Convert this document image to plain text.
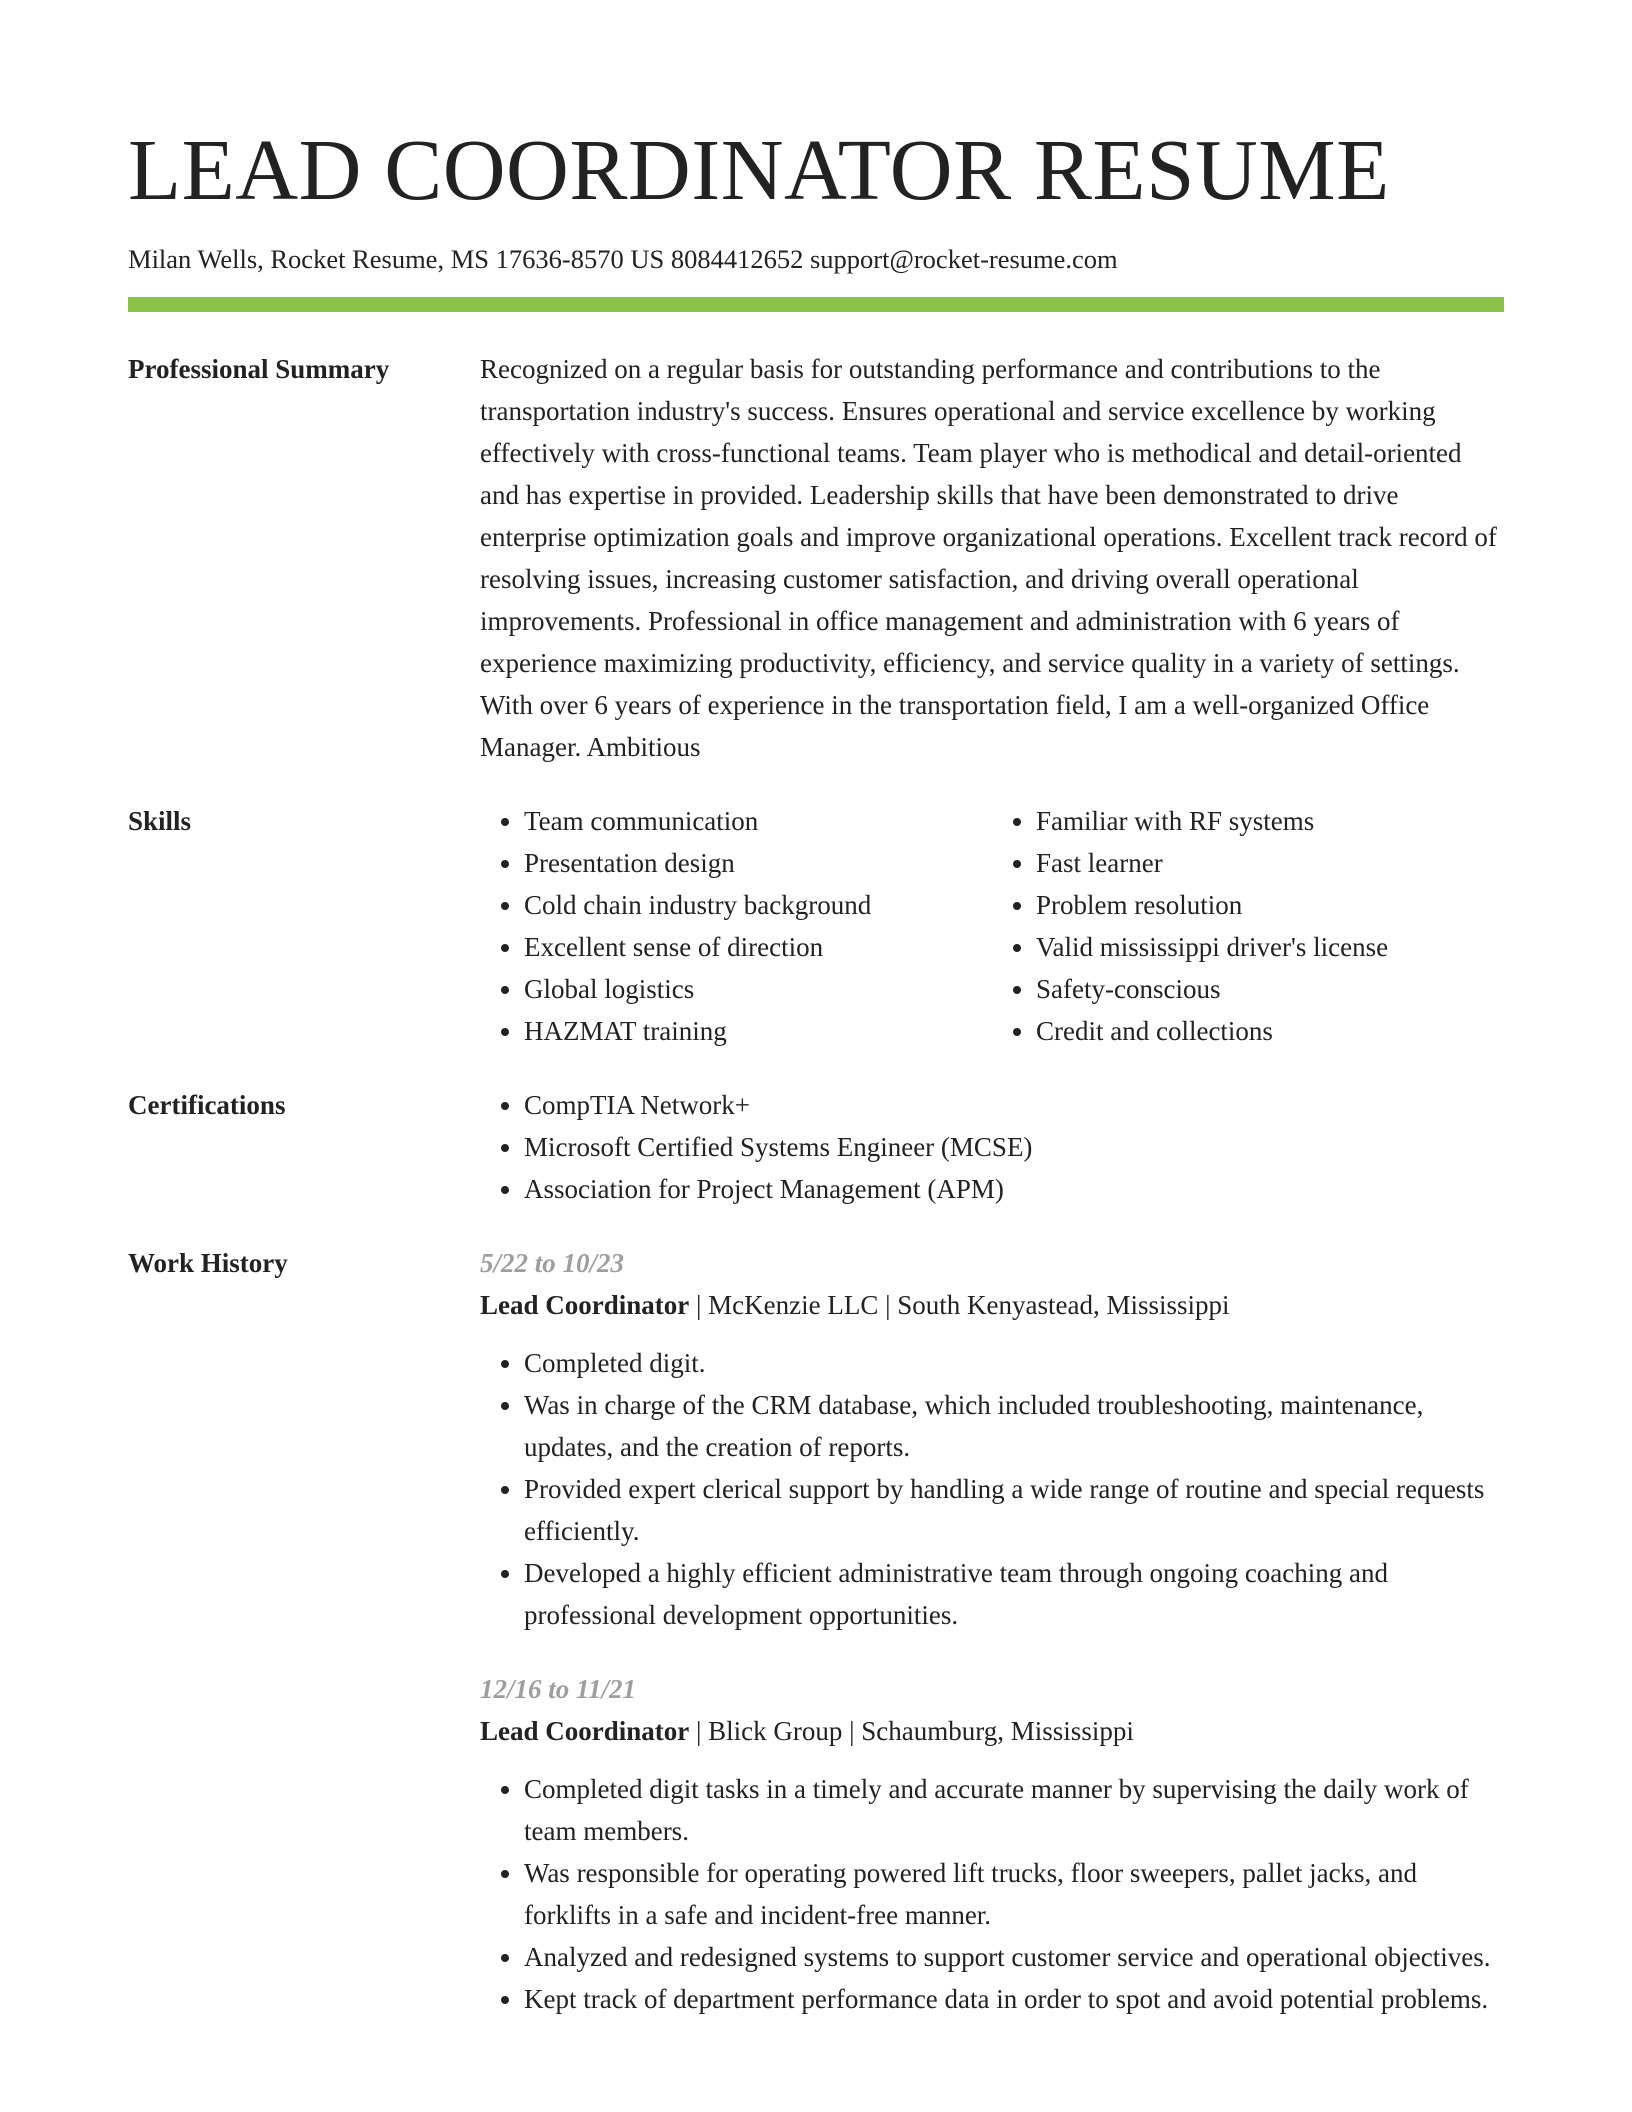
LEAD COORDINATOR RESUME
Milan Wells, Rocket Resume, MS 17636-8570 US 8084412652 support@rocket-resume.com
Professional Summary	Recognized on a regular basis for outstanding performance and contributions to the transportation industry's success. Ensures operational and service excellence by working effectively with cross-functional teams. Team player who is methodical and detail-oriented and has expertise in provided. Leadership skills that have been demonstrated to drive enterprise optimization goals and improve organizational operations. Excellent track record of resolving issues, increasing customer satisfaction, and driving overall operational improvements. Professional in office management and administration with 6 years of experience maximizing productivity, efficiency, and service quality in a variety of settings. With over 6 years of experience in the transportation field, I am a well-organized Office Manager. Ambitious

Skills	• Team communication
• Presentation design
• Cold chain industry background
• Excellent sense of direction
• Global logistics
• HAZMAT training
• Familiar with RF systems
• Fast learner
• Problem resolution
• Valid mississippi driver's license
• Safety-conscious
• Credit and collections
Certifications	• CompTIA Network+
• Microsoft Certified Systems Engineer (MCSE)
• Association for Project Management (APM)
Work History	5/22 to 10/23
Lead Coordinator | McKenzie LLC | South Kenyastead, Mississippi
• Completed digit.
• Was in charge of the CRM database, which included troubleshooting, maintenance, updates, and the creation of reports.
• Provided expert clerical support by handling a wide range of routine and special requests efficiently.
• Developed a highly efficient administrative team through ongoing coaching and professional development opportunities.
12/16 to 11/21
Lead Coordinator | Blick Group | Schaumburg, Mississippi
• Completed digit tasks in a timely and accurate manner by supervising the daily work of team members.
• Was responsible for operating powered lift trucks, floor sweepers, pallet jacks, and forklifts in a safe and incident-free manner.
• Analyzed and redesigned systems to support customer service and operational objectives.
• Kept track of department performance data in order to spot and avoid potential problems.
